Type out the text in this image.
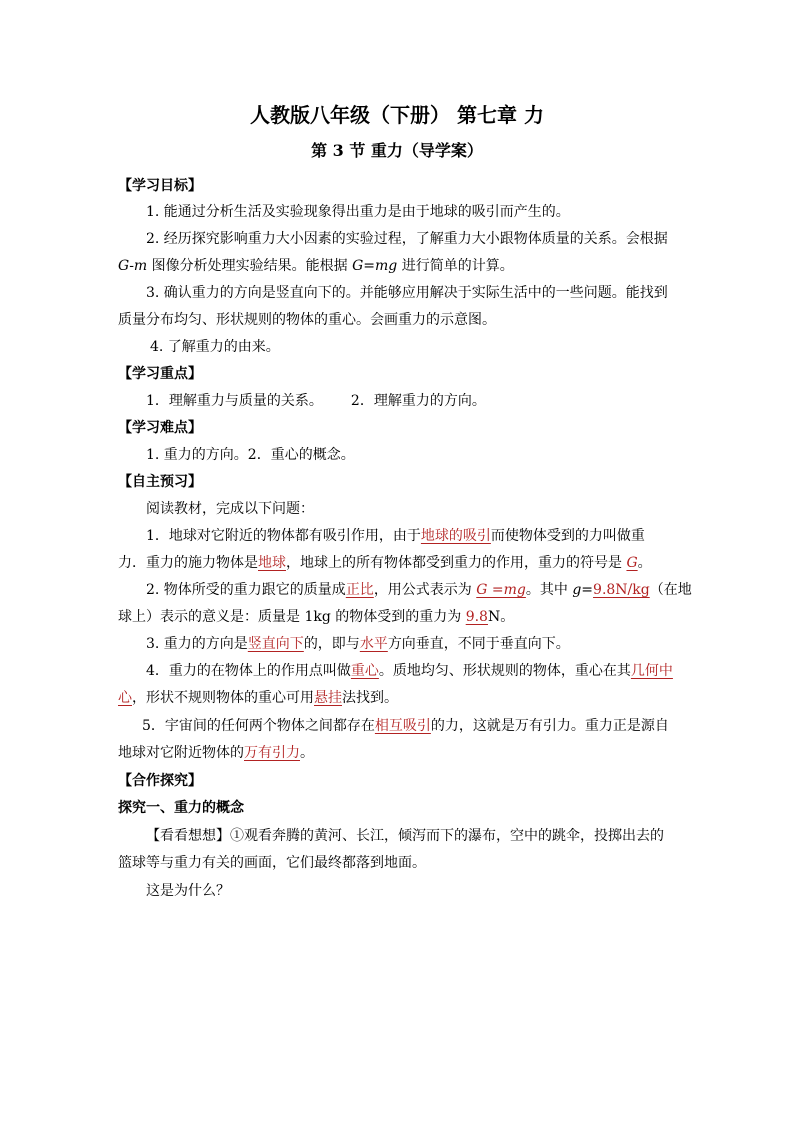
人教版八年级（下册） 第七章 力
第 3 节 重力（导学案）
【学习目标】
1. 能通过分析生活及实验现象得出重力是由于地球的吸引而产生的。
2. 经历探究影响重力大小因素的实验过程，了解重力大小跟物体质量的关系。会根据
G-m 图像分析处理实验结果。能根据 G=mg 进行简单的计算。
3. 确认重力的方向是竖直向下的。并能够应用解决于实际生活中的一些问题。能找到
质量分布均匀、形状规则的物体的重心。会画重力的示意图。
4. 了解重力的由来。
【学习重点】
1．理解重力与质量的关系。 2．理解重力的方向。
【学习难点】
1. 重力的方向。2．重心的概念。
【自主预习】
阅读教材，完成以下问题：
1．地球对它附近的物体都有吸引作用，由于地球的吸引而使物体受到的力叫做重
力．重力的施力物体是地球，地球上的所有物体都受到重力的作用，重力的符号是 G。
2. 物体所受的重力跟它的质量成正比，用公式表示为 G =mg。其中 g=9.8N/kg（在地
球上）表示的意义是：质量是 1kg 的物体受到的重力为 9.8N。
3. 重力的方向是竖直向下的，即与水平方向垂直，不同于垂直向下。
4．重力的在物体上的作用点叫做重心。质地均匀、形状规则的物体，重心在其几何中
心，形状不规则物体的重心可用悬挂法找到。
5．宇宙间的任何两个物体之间都存在相互吸引的力，这就是万有引力。重力正是源自
地球对它附近物体的万有引力。
【合作探究】
探究一、重力的概念
【看看想想】①观看奔腾的黄河、长江，倾泻而下的瀑布，空中的跳伞，投掷出去的
篮球等与重力有关的画面，它们最终都落到地面。
这是为什么？
